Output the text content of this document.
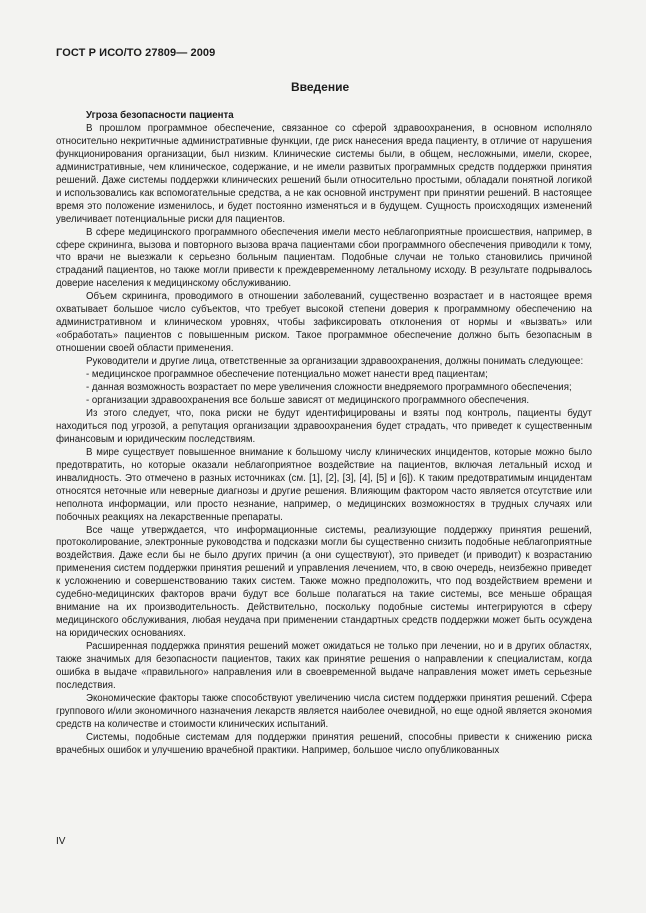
ГОСТ Р ИСО/ТО 27809— 2009
Введение
Угроза безопасности пациента

В прошлом программное обеспечение, связанное со сферой здравоохранения, в основном исполняло относительно некритичные административные функции, где риск нанесения вреда пациенту, в отличие от нарушения функционирования организации, был низким. Клинические системы были, в общем, несложными, имели, скорее, административные, чем клиническое, содержание, и не имели развитых программных средств поддержки принятия решений. Даже системы поддержки клинических решений были относительно простыми, обладали понятной логикой и использовались как вспомогательные средства, а не как основной инструмент при принятии решений. В настоящее время это положение изменилось, и будет постоянно изменяться и в будущем. Сущность происходящих изменений увеличивает потенциальные риски для пациентов.

В сфере медицинского программного обеспечения имели место неблагоприятные происшествия, например, в сфере скрининга, вызова и повторного вызова врача пациентами сбои программного обеспечения приводили к тому, что врачи не выезжали к серьезно больным пациентам. Подобные случаи не только становились причиной страданий пациентов, но также могли привести к преждевременному летальному исходу. В результате подрывалось доверие населения к медицинскому обслуживанию.

Объем скрининга, проводимого в отношении заболеваний, существенно возрастает и в настоящее время охватывает большое число субъектов, что требует высокой степени доверия к программному обеспечению на административном и клиническом уровнях, чтобы зафиксировать отклонения от нормы и «вызвать» или «обработать» пациентов с повышенным риском. Такое программное обеспечение должно быть безопасным в отношении своей области применения.

Руководители и другие лица, ответственные за организации здравоохранения, должны понимать следующее:

- медицинское программное обеспечение потенциально может нанести вред пациентам;

- данная возможность возрастает по мере увеличения сложности внедряемого программного обеспечения;

- организации здравоохранения все больше зависят от медицинского программного обеспечения.

Из этого следует, что, пока риски не будут идентифицированы и взяты под контроль, пациенты будут находиться под угрозой, а репутация организации здравоохранения будет страдать, что приведет к существенным финансовым и юридическим последствиям.

В мире существует повышенное внимание к большому числу клинических инцидентов, которые можно было предотвратить, но которые оказали неблагоприятное воздействие на пациентов, включая летальный исход и инвалидность. Это отмечено в разных источниках (см. [1], [2], [3], [4], [5] и [6]). К таким предотвратимым инцидентам относятся неточные или неверные диагнозы и другие решения. Влияющим фактором часто является отсутствие или неполнота информации, или просто незнание, например, о медицинских возможностях в трудных случаях или побочных реакциях на лекарственные препараты.

Все чаще утверждается, что информационные системы, реализующие поддержку принятия решений, протоколирование, электронные руководства и подсказки могли бы существенно снизить подобные неблагоприятные воздействия. Даже если бы не было других причин (а они существуют), это приведет (и приводит) к возрастанию применения систем поддержки принятия решений и управления лечением, что, в свою очередь, неизбежно приведет к усложнению и совершенствованию таких систем. Также можно предположить, что под воздействием времени и судебно-медицинских факторов врачи будут все больше полагаться на такие системы, все меньше обращая внимание на их производительность. Действительно, поскольку подобные системы интегрируются в сферу медицинского обслуживания, любая неудача при применении стандартных средств поддержки может быть осуждена на юридических основаниях.

Расширенная поддержка принятия решений может ожидаться не только при лечении, но и в других областях, также значимых для безопасности пациентов, таких как принятие решения о направлении к специалистам, когда ошибка в выдаче «правильного» направления или в своевременной выдаче направления может иметь серьезные последствия.

Экономические факторы также способствуют увеличению числа систем поддержки принятия решений. Сфера группового и/или экономичного назначения лекарств является наиболее очевидной, но еще одной является экономия средств на количестве и стоимости клинических испытаний.

Системы, подобные системам для поддержки принятия решений, способны привести к снижению риска врачебных ошибок и улучшению врачебной практики. Например, большое число опубликованных

IV
